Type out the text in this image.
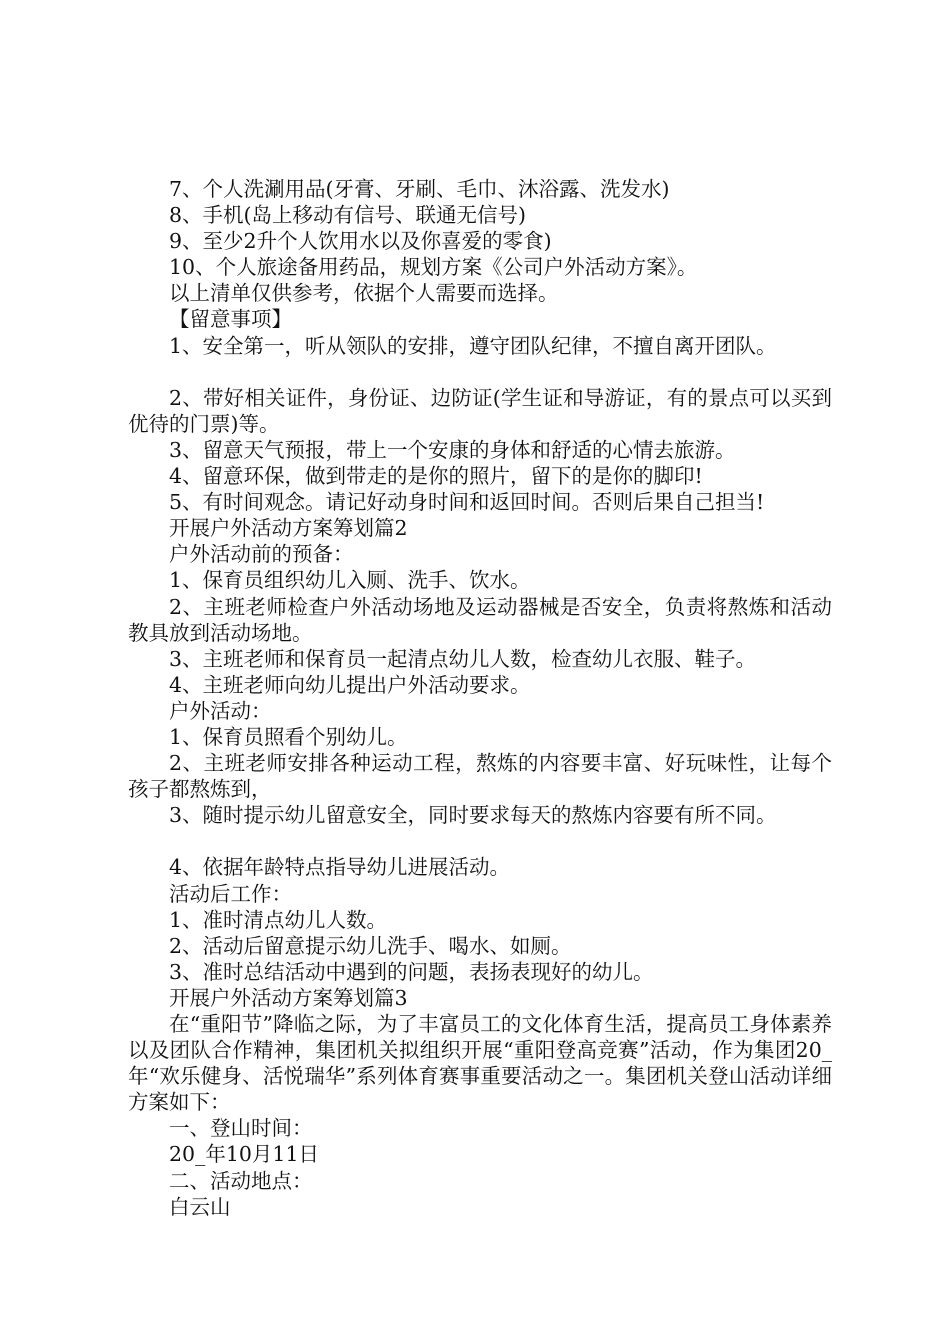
7、个人洗涮用品(牙膏、牙刷、毛巾、沐浴露、洗发水)

8、手机(岛上移动有信号、联通无信号)

9、至少2升个人饮用水以及你喜爱的零食)

10、个人旅途备用药品，规划方案《公司户外活动方案》。

以上清单仅供参考，依据个人需要而选择。

【留意事项】

1、安全第一，听从领队的安排，遵守团队纪律，不擅自离开团队。

2、带好相关证件，身份证、边防证(学生证和导游证，有的景点可以买到优待的门票)等。

3、留意天气预报，带上一个安康的身体和舒适的心情去旅游。

4、留意环保，做到带走的是你的照片，留下的是你的脚印!

5、有时间观念。请记好动身时间和返回时间。否则后果自己担当!

开展户外活动方案筹划篇2

户外活动前的预备：

1、保育员组织幼儿入厕、洗手、饮水。

2、主班老师检查户外活动场地及运动器械是否安全，负责将熬炼和活动教具放到活动场地。

3、主班老师和保育员一起清点幼儿人数，检查幼儿衣服、鞋子。

4、主班老师向幼儿提出户外活动要求。

户外活动：

1、保育员照看个别幼儿。

2、主班老师安排各种运动工程，熬炼的内容要丰富、好玩味性，让每个孩子都熬炼到，

3、随时提示幼儿留意安全，同时要求每天的熬炼内容要有所不同。

4、依据年龄特点指导幼儿进展活动。

活动后工作：

1、准时清点幼儿人数。

2、活动后留意提示幼儿洗手、喝水、如厕。

3、准时总结活动中遇到的问题，表扬表现好的幼儿。

开展户外活动方案筹划篇3

在“重阳节”降临之际，为了丰富员工的文化体育生活，提高员工身体素养以及团队合作精神，集团机关拟组织开展“重阳登高竞赛”活动，作为集团20_年“欢乐健身、活悦瑞华”系列体育赛事重要活动之一。集团机关登山活动详细方案如下：

一、登山时间：

20_年10月11日

二、活动地点：

白云山
